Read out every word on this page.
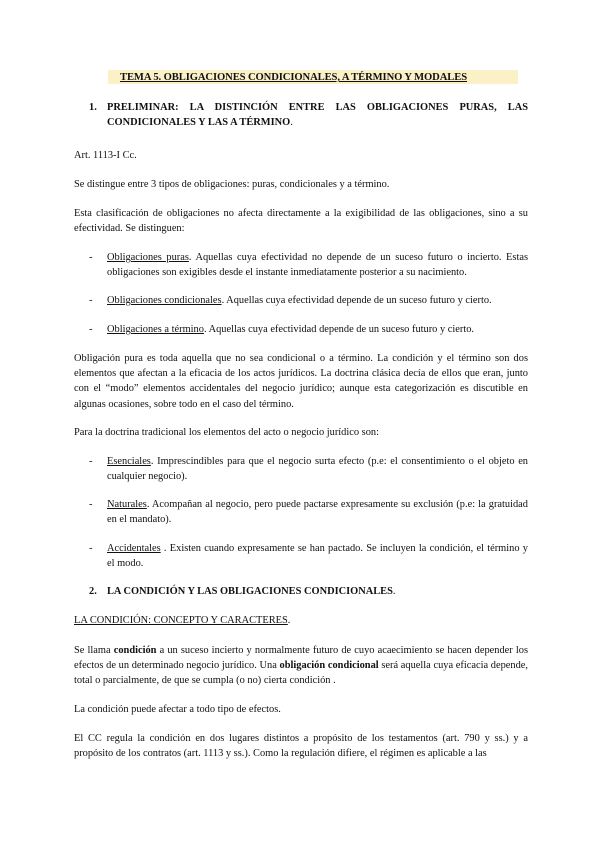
TEMA 5. OBLIGACIONES CONDICIONALES, A TÉRMINO Y MODALES
1. PRELIMINAR: LA DISTINCIÓN ENTRE LAS OBLIGACIONES PURAS, LAS CONDICIONALES Y LAS A TÉRMINO.

Art. 1113-I Cc.

Se distingue entre 3 tipos de obligaciones: puras, condicionales y a término.

Esta clasificación de obligaciones no afecta directamente a la exigibilidad de las obligaciones, sino a su efectividad. Se distinguen:

- Obligaciones puras. Aquellas cuya efectividad no depende de un suceso futuro o incierto. Estas obligaciones son exigibles desde el instante inmediatamente posterior a su nacimiento.
- Obligaciones condicionales. Aquellas cuya efectividad depende de un suceso futuro y cierto.
- Obligaciones a término. Aquellas cuya efectividad depende de un suceso futuro y cierto.

Obligación pura es toda aquella que no sea condicional o a término. La condición y el término son dos elementos que afectan a la eficacia de los actos jurídicos. La doctrina clásica decía de ellos que eran, junto con el “modo” elementos accidentales del negocio jurídico; aunque esta categorización es discutible en algunas ocasiones, sobre todo en el caso del término.

Para la doctrina tradicional los elementos del acto o negocio jurídico son:

- Esenciales. Imprescindibles para que el negocio surta efecto (p.e: el consentimiento o el objeto en cualquier negocio).
- Naturales. Acompañan al negocio, pero puede pactarse expresamente su exclusión (p.e: la gratuidad en el mandato).
- Accidentales . Existen cuando expresamente se han pactado. Se incluyen la condición, el término y el modo.
2. LA CONDICIÓN Y LAS OBLIGACIONES CONDICIONALES.
LA CONDICIÓN: CONCEPTO Y CARACTERES.

Se llama condición a un suceso incierto y normalmente futuro de cuyo acaecimiento se hacen depender los efectos de un determinado negocio jurídico. Una obligación condicional será aquella cuya eficacia depende, total o parcialmente, de que se cumpla (o no) cierta condición .

La condición puede afectar a todo tipo de efectos.

El CC regula la condición en dos lugares distintos a propósito de los testamentos (art. 790 y ss.) y a propósito de los contratos (art. 1113 y ss.). Como la regulación difiere, el régimen es aplicable a las
